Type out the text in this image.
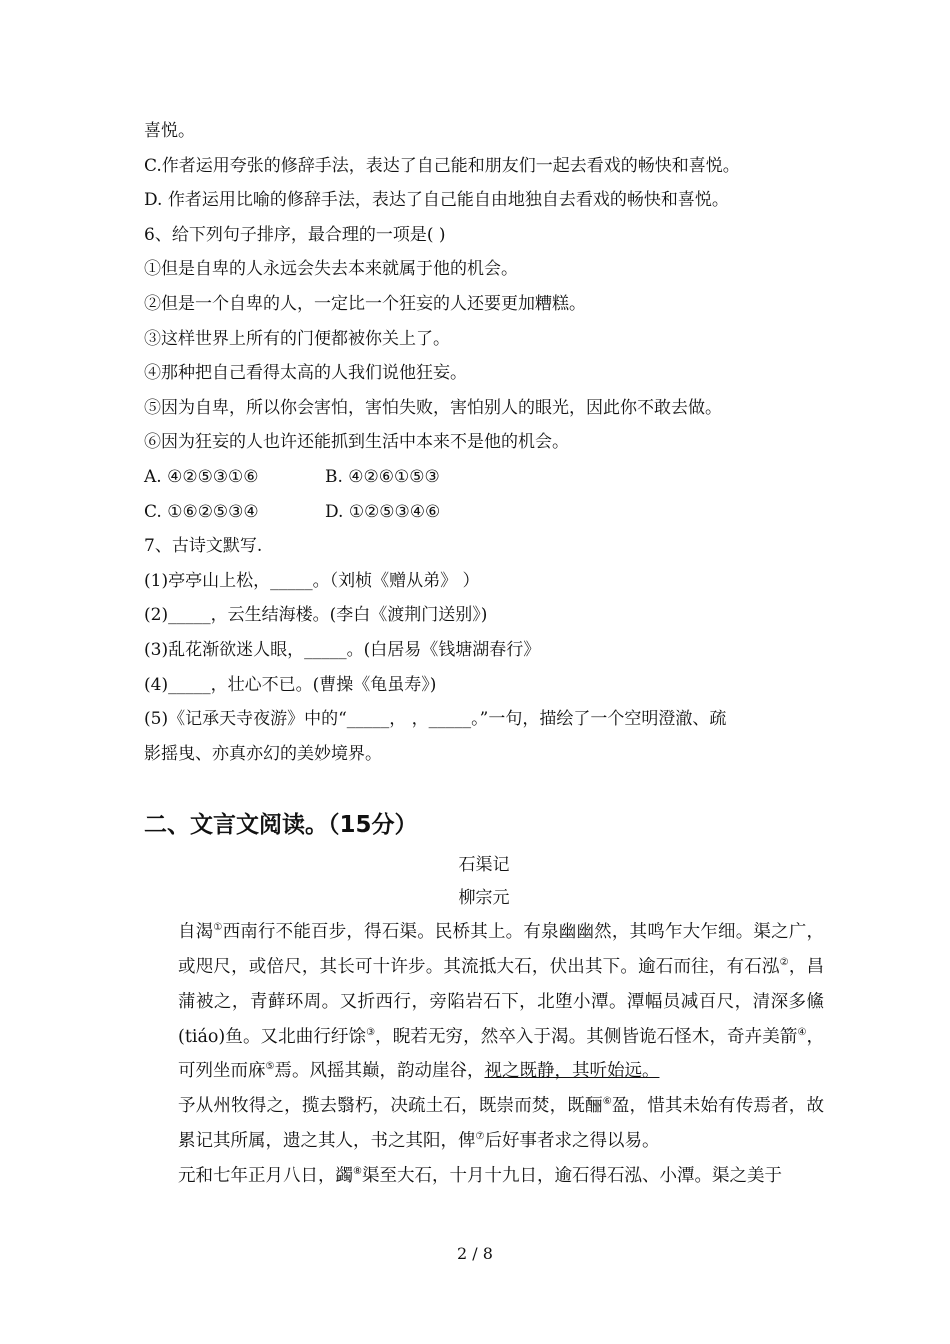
喜悦。
C.作者运用夸张的修辞手法，表达了自己能和朋友们一起去看戏的畅快和喜悦。
D. 作者运用比喻的修辞手法，表达了自己能自由地独自去看戏的畅快和喜悦。
6、给下列句子排序，最合理的一项是( )
①但是自卑的人永远会失去本来就属于他的机会。
②但是一个自卑的人，一定比一个狂妄的人还要更加糟糕。
③这样世界上所有的门便都被你关上了。
④那种把自己看得太高的人我们说他狂妄。
⑤因为自卑，所以你会害怕，害怕失败，害怕别人的眼光，因此你不敢去做。
⑥因为狂妄的人也许还能抓到生活中本来不是他的机会。
A. ④②⑤③①⑥	B. ④②⑥①⑤③
C. ①⑥②⑤③④	D. ①②⑤③④⑥
7、古诗文默写.
(1)亭亭山上松，_____。（刘桢《赠从弟》 ）
(2)_____，云生结海楼。(李白《渡荆门送别》)
(3)乱花渐欲迷人眼，_____。(白居易《钱塘湖春行》
(4)_____，壮心不已。(曹操《龟虽寿》)
(5)《记承天寺夜游》中的“_____， ，_____。”一句，描绘了一个空明澄澈、疏
影摇曳、亦真亦幻的美妙境界。
二、文言文阅读。（15分）
石渠记
柳宗元
自渴①西南行不能百步，得石渠。民桥其上。有泉幽幽然，其鸣乍大乍细。渠之广，或咫尺，或倍尺，其长可十许步。其流抵大石，伏出其下。逾石而往，有石泓②，昌蒲被之，青藓环周。又折西行，旁陷岩石下，北堕小潭。潭幅员减百尺，清深多鯈(tiáo)鱼。又北曲行纡馀③，睨若无穷，然卒入于渴。其侧皆诡石怪木，奇卉美箭④，可列坐而庥⑤焉。风摇其巅，韵动崖谷，视之既静，其听始远。
予从州牧得之，揽去翳朽，决疏土石，既崇而焚，既酾⑥盈，惜其未始有传焉者，故累记其所属，遗之其人，书之其阳，俾⑦后好事者求之得以易。
元和七年正月八日，蠲⑧渠至大石，十月十九日，逾石得石泓、小潭。渠之美于
2 / 8
